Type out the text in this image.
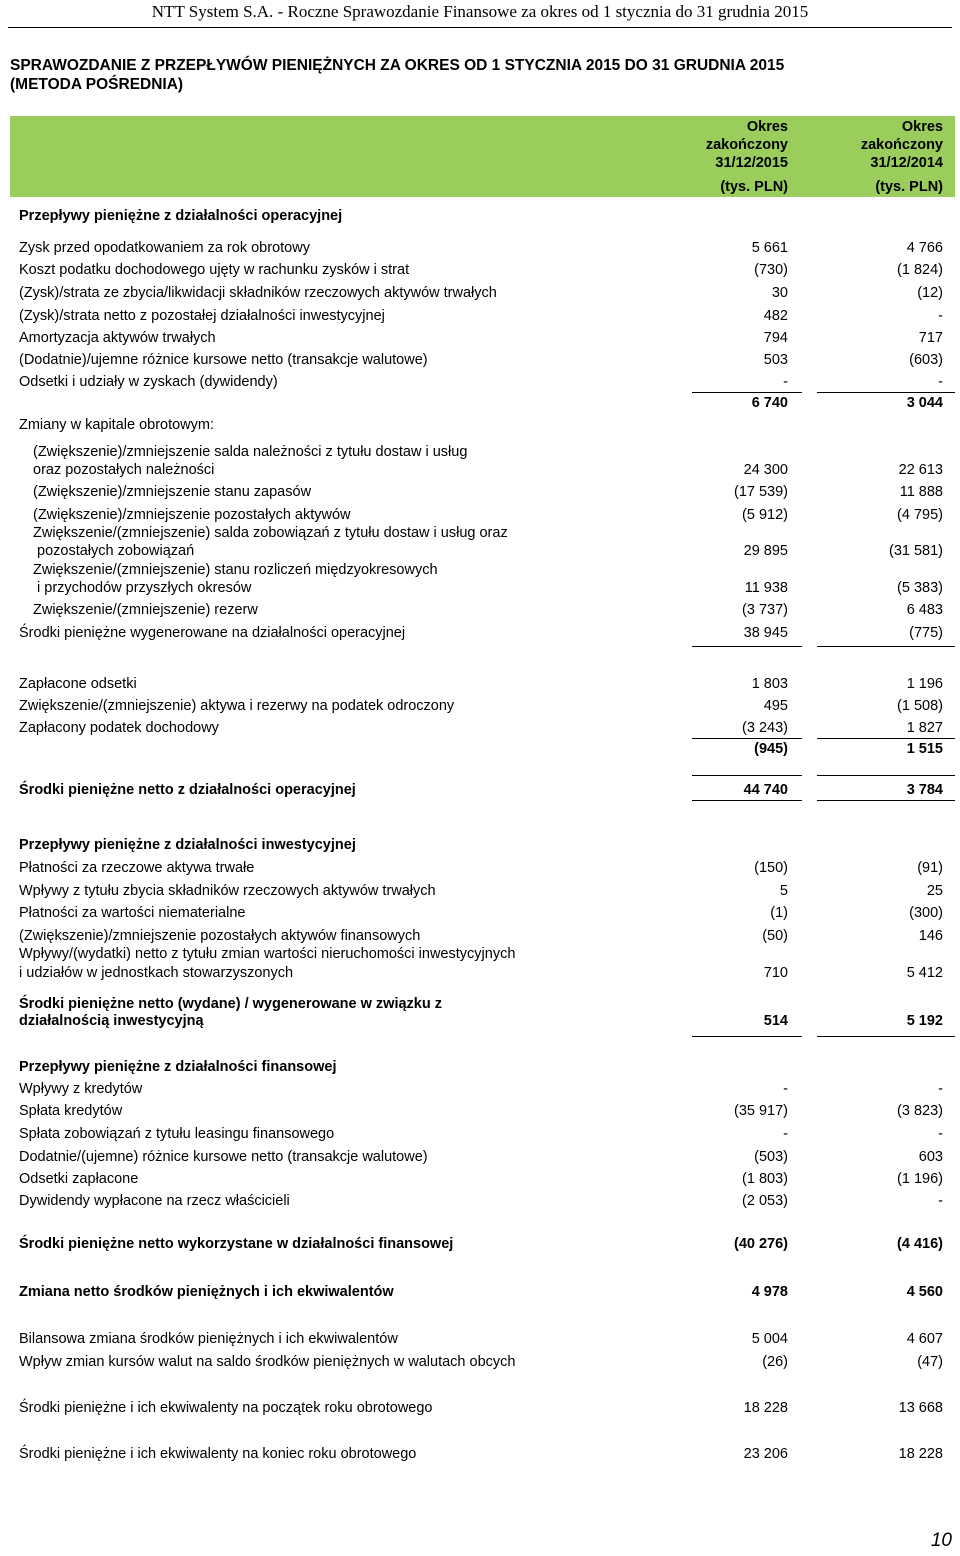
NTT System S.A. - Roczne Sprawozdanie Finansowe za okres od 1 stycznia do 31 grudnia 2015
SPRAWOZDANIE Z PRZEPŁYWÓW PIENIĘŻNYCH ZA OKRES OD 1 STYCZNIA 2015 DO 31 GRUDNIA 2015
(METODA POŚREDNIA)
Okres
zakończony
31/12/2015
(tys. PLN)
Okres
zakończony
31/12/2014
(tys. PLN)
Przepływy pieniężne z działalności operacyjnej
Zysk przed opodatkowaniem za rok obrotowy	5 661	4 766
Koszt podatku dochodowego ujęty w rachunku zysków i strat	(730)	(1 824)
(Zysk)/strata ze zbycia/likwidacji składników rzeczowych aktywów trwałych	30	(12)
(Zysk)/strata netto z pozostałej działalności inwestycyjnej	482	-
Amortyzacja aktywów trwałych	794	717
(Dodatnie)/ujemne różnice kursowe netto (transakcje walutowe)	503	(603)
Odsetki i udziały w zyskach (dywidendy)	-	-
6 740	3 044
Zmiany w kapitale obrotowym:
(Zwiększenie)/zmniejszenie salda należności z tytułu dostaw i usług
oraz pozostałych należności	24 300	22 613
(Zwiększenie)/zmniejszenie stanu zapasów	(17 539)	11 888
(Zwiększenie)/zmniejszenie pozostałych aktywów	(5 912)	(4 795)
Zwiększenie/(zmniejszenie) salda zobowiązań z tytułu dostaw i usług oraz
pozostałych zobowiązań	29 895	(31 581)
Zwiększenie/(zmniejszenie) stanu rozliczeń międzyokresowych
i przychodów przyszłych okresów	11 938	(5 383)
Zwiększenie/(zmniejszenie) rezerw	(3 737)	6 483
Środki pieniężne wygenerowane na działalności operacyjnej	38 945	(775)
Zapłacone odsetki	1 803	1 196
Zwiększenie/(zmniejszenie) aktywa i rezerwy na podatek odroczony	495	(1 508)
Zapłacony podatek dochodowy	(3 243)	1 827
(945)	1 515
Środki pieniężne netto z działalności operacyjnej	44 740	3 784
Przepływy pieniężne z działalności inwestycyjnej
Płatności za rzeczowe aktywa trwałe	(150)	(91)
Wpływy z tytułu zbycia składników rzeczowych aktywów trwałych	5	25
Płatności za wartości niematerialne	(1)	(300)
(Zwiększenie)/zmniejszenie pozostałych aktywów finansowych	(50)	146
Wpływy/(wydatki) netto z tytułu zmian wartości nieruchomości inwestycyjnych
i udziałów w jednostkach stowarzyszonych	710	5 412
Środki pieniężne netto (wydane) / wygenerowane w związku z
działalnością inwestycyjną	514	5 192
Przepływy pieniężne z działalności finansowej
Wpływy z kredytów	-	-
Spłata kredytów	(35 917)	(3 823)
Spłata zobowiązań z tytułu leasingu finansowego	-	-
Dodatnie/(ujemne) różnice kursowe netto (transakcje walutowe)	(503)	603
Odsetki zapłacone	(1 803)	(1 196)
Dywidendy wypłacone na rzecz właścicieli	(2 053)	-
Środki pieniężne netto wykorzystane w działalności finansowej	(40 276)	(4 416)
Zmiana netto środków pieniężnych i ich ekwiwalentów	4 978	4 560
Bilansowa zmiana środków pieniężnych i ich ekwiwalentów	5 004	4 607
Wpływ zmian kursów walut na saldo środków pieniężnych w walutach obcych	(26)	(47)
Środki pieniężne i ich ekwiwalenty na początek roku obrotowego	18 228	13 668
Środki pieniężne i ich ekwiwalenty na koniec roku obrotowego	23 206	18 228
10
